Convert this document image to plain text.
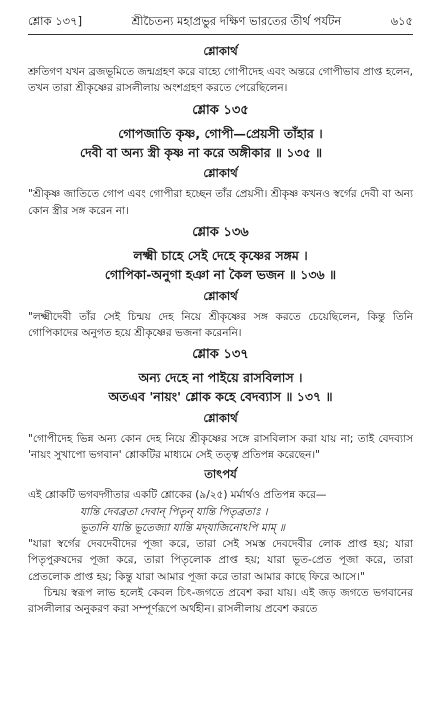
শ্লোক ১৩৭]	শ্রীচৈতন্য মহাপ্রভুর দক্ষিণ ভারতের তীর্থ পর্যটন	৬১৫
শ্লোকার্থ

শ্রুতিগণ যখন ব্রজভূমিতে জন্মগ্রহণ করে বাহ্যে গোপীদেহ এবং অন্তরে গোপীভাব প্রাপ্ত হলেন, তখন তারা শ্রীকৃষ্ণের রাসলীলায় অংশগ্রহণ করতে পেরেছিলেন।

শ্লোক ১৩৫

গোপজাতি কৃষ্ণ, গোপী—প্রেয়সী তাঁহার ।

দেবী বা অন্য স্ত্রী কৃষ্ণ না করে অঙ্গীকার ॥ ১৩৫ ॥

শ্লোকার্থ

"শ্রীকৃষ্ণ জাতিতে গোপ এবং গোপীরা হচ্ছেন তাঁর প্রেয়সী। শ্রীকৃষ্ণ কখনও স্বর্গের দেবী বা অন্য কোন স্ত্রীর সঙ্গ করেন না।

শ্লোক ১৩৬

লক্ষ্মী চাহে সেই দেহে কৃষ্ণের সঙ্গম ।

গোপিকা-অনুগা হঞা না কৈল ভজন ॥ ১৩৬ ॥

শ্লোকার্থ

"লক্ষ্মীদেবী তাঁর সেই চিন্ময় দেহ নিয়ে শ্রীকৃষ্ণের সঙ্গ করতে চেয়েছিলেন, কিন্তু তিনি গোপিকাদের অনুগত হয়ে শ্রীকৃষ্ণের ভজনা করেননি।

শ্লোক ১৩৭

অন্য দেহে না পাইয়ে রাসবিলাস ।

অতএব 'নায়ং' শ্লোক কহে বেদব্যাস ॥ ১৩৭ ॥

শ্লোকার্থ

"গোপীদেহ ভিন্ন অন্য কোন দেহ নিয়ে শ্রীকৃষ্ণের সঙ্গে রাসবিলাস করা যায় না; তাই বেদব্যাস 'নায়ং সুখাপো ভগবান' শ্লোকটির মাধ্যমে সেই তত্ত্ব প্রতিপন্ন করেছেন।"

তাৎপর্য

এই শ্লোকটি ভগবদ্গীতার একটি শ্লোকের (৯/২৫) মর্মার্থও প্রতিপন্ন করে—

যান্তি দেবব্রতা দেবান্ পিতৄন্ যান্তি পিতৃব্রতাঃ ।

ভূতানি যান্তি ভূতেজ্যা যান্তি মদ্‌যাজিনোঽপি মাম্ ॥

"যারা স্বর্গের দেবদেবীদের পূজা করে, তারা সেই সমস্ত দেবদেবীর লোক প্রাপ্ত হয়; যারা পিতৃপুরুষদের পূজা করে, তারা পিতৃলোক প্রাপ্ত হয়; যারা ভূত-প্রেত পূজা করে, তারা প্রেতলোক প্রাপ্ত হয়; কিন্তু যারা আমার পূজা করে তারা আমার কাছে ফিরে আসে।"

চিন্ময় স্বরূপ লাভ হলেই কেবল চিৎ-জগতে প্রবেশ করা যায়। এই জড় জগতে ভগবানের রাসলীলার অনুকরণ করা সম্পূর্ণরূপে অর্থহীন। রাসলীলায় প্রবেশ করতে
